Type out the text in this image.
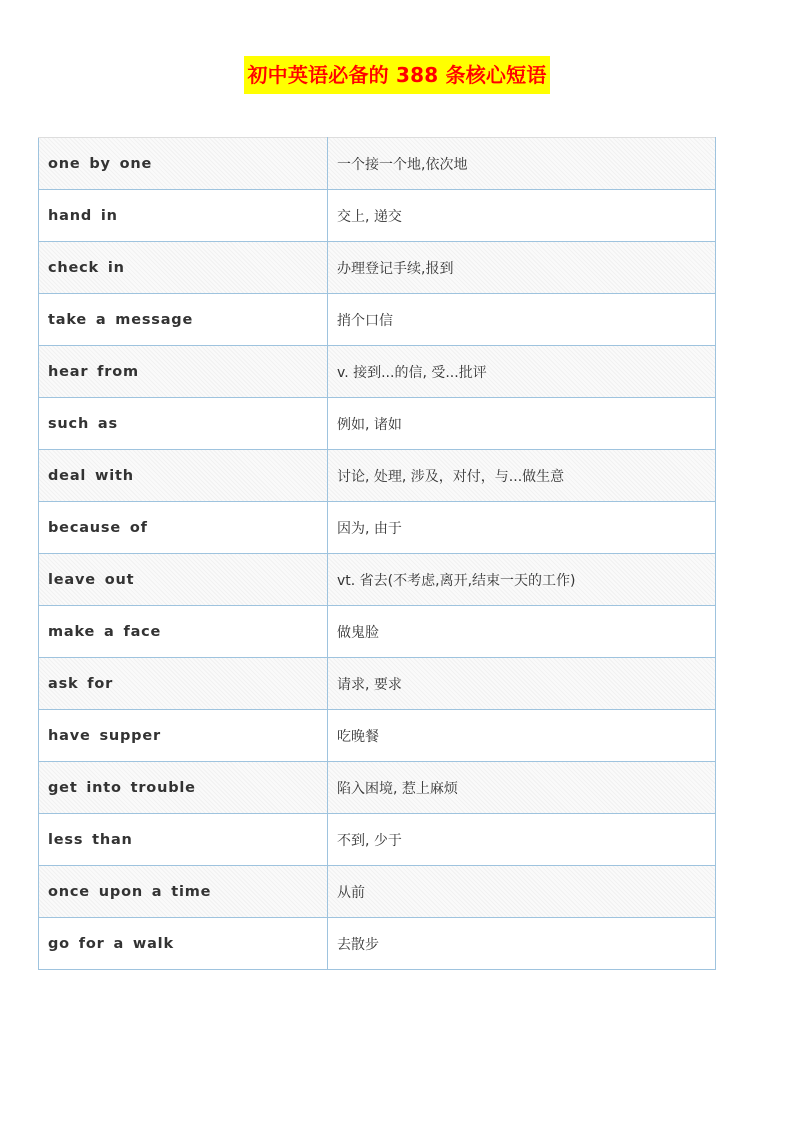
初中英语必备的 388 条核心短语
one by one	一个接一个地,依次地
hand in	交上, 递交
check in	办理登记手续,报到
take a message	捎个口信
hear from	v. 接到...的信, 受...批评
such as	例如, 诸如
deal with	讨论, 处理, 涉及，对付，与...做生意
because of	因为, 由于
leave out	vt. 省去(不考虑,离开,结束一天的工作)
make a face	做鬼脸
ask for	请求, 要求
have supper	吃晚餐
get into trouble	陷入困境, 惹上麻烦
less than	不到, 少于
once upon a time	从前
go for a walk	去散步
